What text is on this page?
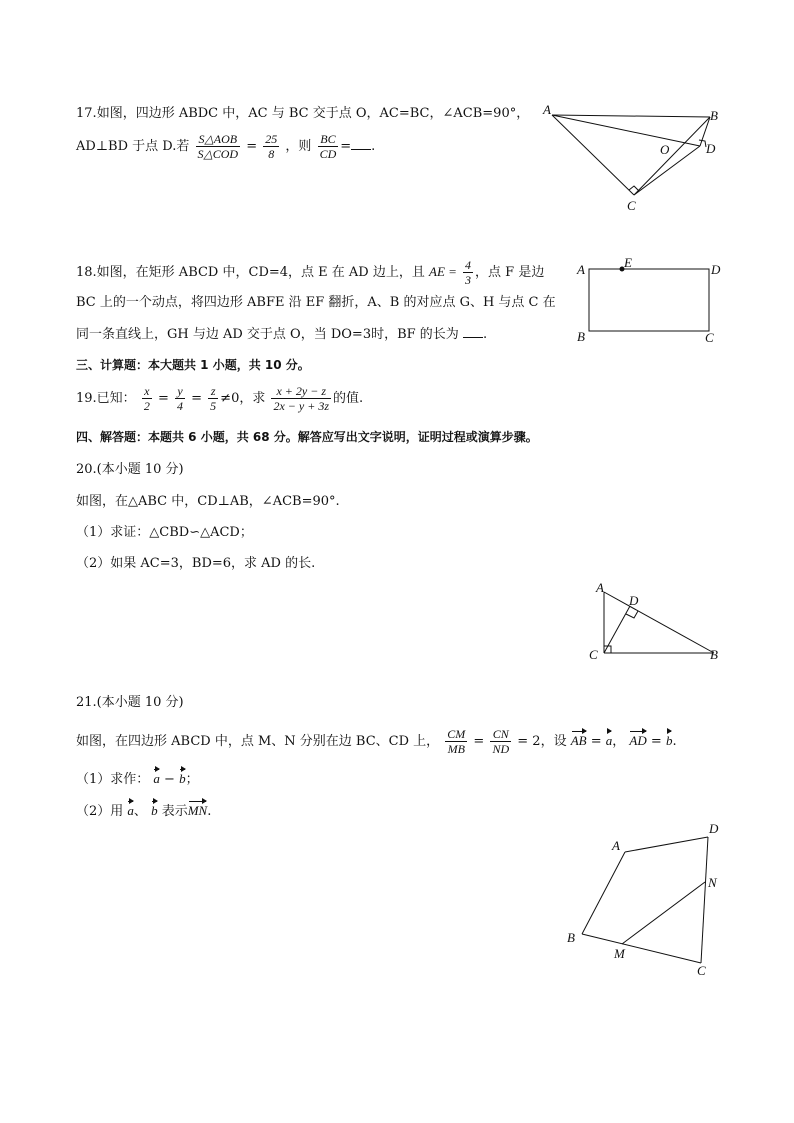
17.如图，四边形 ABDC 中，AC 与 BC 交于点 O，AC=BC，∠ACB=90°，
AD⊥BD 于点 D.若 $\frac{\text{S△AOB}}{\text{S△COD}} = \frac{25}{8}$ ，则 $\frac{BC}{CD}$ = .
A	B
O	D
C
18.如图，在矩形 ABCD 中，CD=4，点 E 在 AD 边上，且 AE = $\frac{4}{3}$ ，点 F 是边
BC 上的一个动点，将四边形 ABFE 沿 EF 翻折，A、B 的对应点 G、H 与点 C 在
同一条直线上，GH 与边 AD 交于点 O，当 DO=3时，BF 的长为 .
A	E	D
B	C
三、计算题：本大题共 1 小题，共 10 分。
19.已知： $\frac{x}{2} = \frac{y}{4} = \frac{z}{5} \ne 0$，求 $\frac{x + 2y - z}{2x - y + 3z}$ 的值.
四、解答题：本题共 6 小题，共 68 分。解答应写出文字说明，证明过程或演算步骤。
20.(本小题 10 分)
如图，在△ABC 中，CD⊥AB，∠ACB=90°.
（1）求证：△CBD∽△ACD；
（2）如果 AC=3，BD=6，求 AD 的长.
A
D
C	B
21.(本小题 10 分)
如图，在四边形 ABCD 中，点 M、N 分别在边 BC、CD 上， $\frac{CM}{MB} = \frac{CN}{ND} = 2$，设 AB = a， AD = b.
（1）求作： a − b；
（2）用 a、 b 表示MN.
A
D
N
B
M
C
